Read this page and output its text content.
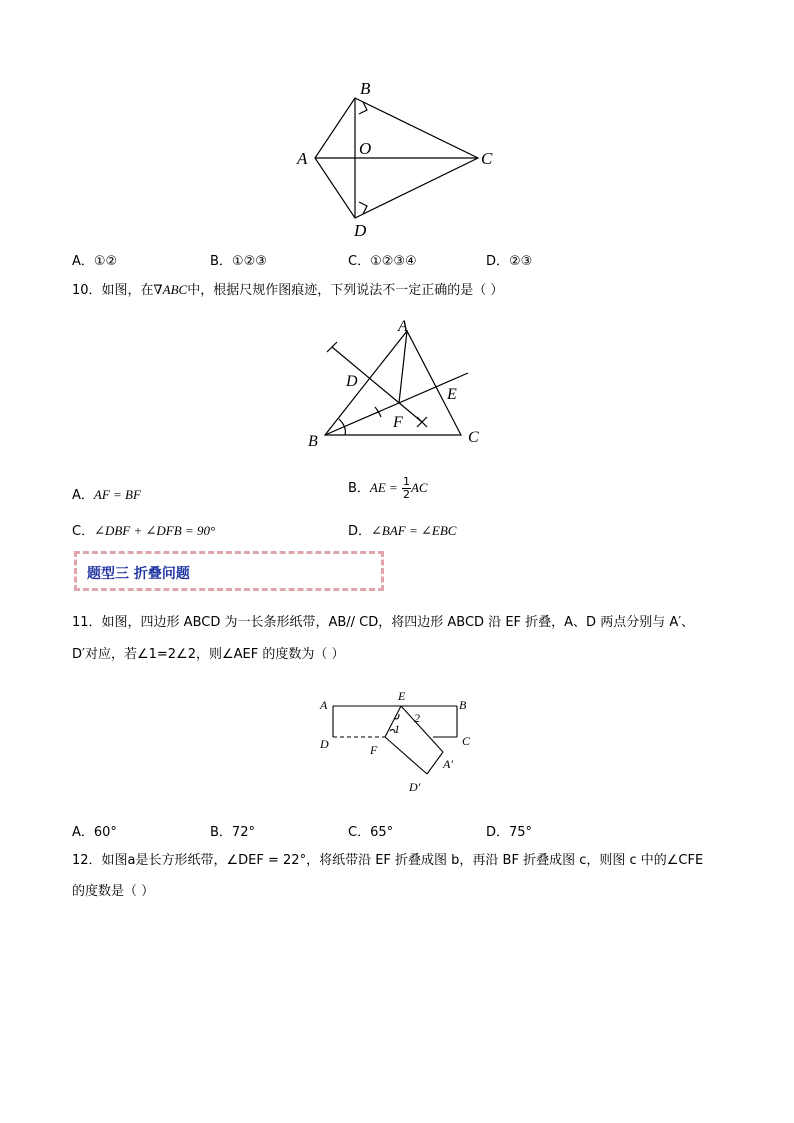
B
A
O
C
D
A．①②	B．①②③	C．①②③④	D．②③
10．如图，在∇ABC中，根据尺规作图痕迹，下列说法不一定正确的是（ ）
A
D
E
F
B	C
A．AF = BF	B．AE = $\frac{1}{2}$ AC
C．∠DBF + ∠DFB = 90°	D．∠BAF = ∠EBC
题型三 折叠问题
11．如图，四边形 ABCD 为一长条形纸带，AB// CD，将四边形 ABCD 沿 EF 折叠，A、D 两点分别与 A′、
D′对应，若∠1=2∠2，则∠AEF 的度数为（ ）
A
E
B
D	C
F
2
1
A′
D′
A．60°	B．72°	C．65°	D．75°
12．如图a是长方形纸带，∠DEF = 22°，将纸带沿 EF 折叠成图 b，再沿 BF 折叠成图 c，则图 c 中的∠CFE
的度数是（ ）
